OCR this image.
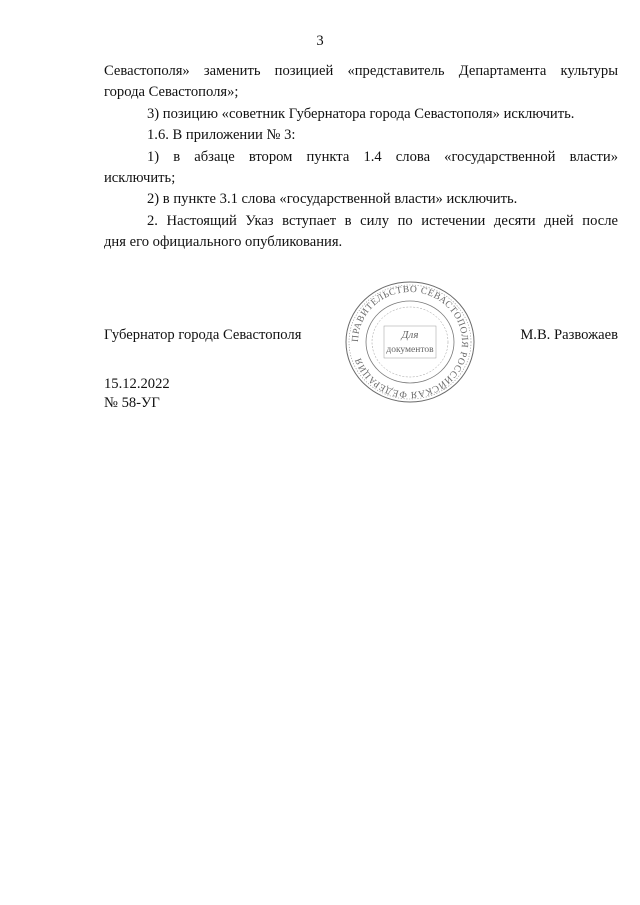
3

Севастополя» заменить позицией «представитель Департамента культуры

города Севастополя»;

3) позицию «советник Губернатора города Севастополя» исключить.

1.6. В приложении № 3:

1) в абзаце втором пункта 1.4 слова «государственной власти»

исключить;

2) в пункте 3.1 слова «государственной власти» исключить.

2. Настоящий Указ вступает в силу по истечении десяти дней после

дня его официального опубликования.

Губернатор города Севастополя	М.В. Развожаев
ПРАВИТЕЛЬСТВО СЕВАСТОПОЛЯ РОССИЙСКАЯ ФЕДЕРАЦИЯ
Для
документов
15.12.2022
№ 58-УГ
